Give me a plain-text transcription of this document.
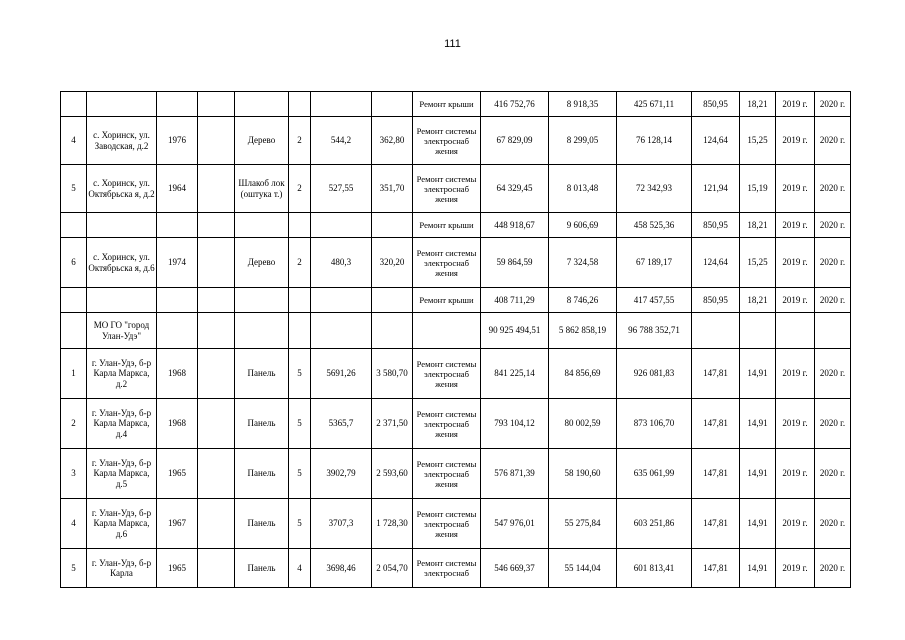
111
								Ремонт крыши	416 752,76	8 918,35	425 671,11	850,95	18,21	2019 г.	2020 г.
4	с. Хоринск, ул. Заводская, д.2	1976		Дерево	2	544,2	362,80	Ремонт системы электроснаб жения	67 829,09	8 299,05	76 128,14	124,64	15,25	2019 г.	2020 г.
5	с. Хоринск, ул. Октябрьска я, д.2	1964		Шлакоб лок (оштука т.)	2	527,55	351,70	Ремонт системы электроснаб жения	64 329,45	8 013,48	72 342,93	121,94	15,19	2019 г.	2020 г.
								Ремонт крыши	448 918,67	9 606,69	458 525,36	850,95	18,21	2019 г.	2020 г.
6	с. Хоринск, ул. Октябрьска я, д.6	1974		Дерево	2	480,3	320,20	Ремонт системы электроснаб жения	59 864,59	7 324,58	67 189,17	124,64	15,25	2019 г.	2020 г.
								Ремонт крыши	408 711,29	8 746,26	417 457,55	850,95	18,21	2019 г.	2020 г.
	МО ГО "город Улан-Удэ"								90 925 494,51	5 862 858,19	96 788 352,71				
1	г. Улан-Удэ, б-р Карла Маркса, д.2	1968		Панель	5	5691,26	3 580,70	Ремонт системы электроснаб жения	841 225,14	84 856,69	926 081,83	147,81	14,91	2019 г.	2020 г.
2	г. Улан-Удэ, б-р Карла Маркса, д.4	1968		Панель	5	5365,7	2 371,50	Ремонт системы электроснаб жения	793 104,12	80 002,59	873 106,70	147,81	14,91	2019 г.	2020 г.
3	г. Улан-Удэ, б-р Карла Маркса, д.5	1965		Панель	5	3902,79	2 593,60	Ремонт системы электроснаб жения	576 871,39	58 190,60	635 061,99	147,81	14,91	2019 г.	2020 г.
4	г. Улан-Удэ, б-р Карла Маркса, д.6	1967		Панель	5	3707,3	1 728,30	Ремонт системы электроснаб жения	547 976,01	55 275,84	603 251,86	147,81	14,91	2019 г.	2020 г.
5	г. Улан-Удэ, б-р Карла	1965		Панель	4	3698,46	2 054,70	Ремонт системы электроснаб	546 669,37	55 144,04	601 813,41	147,81	14,91	2019 г.	2020 г.
